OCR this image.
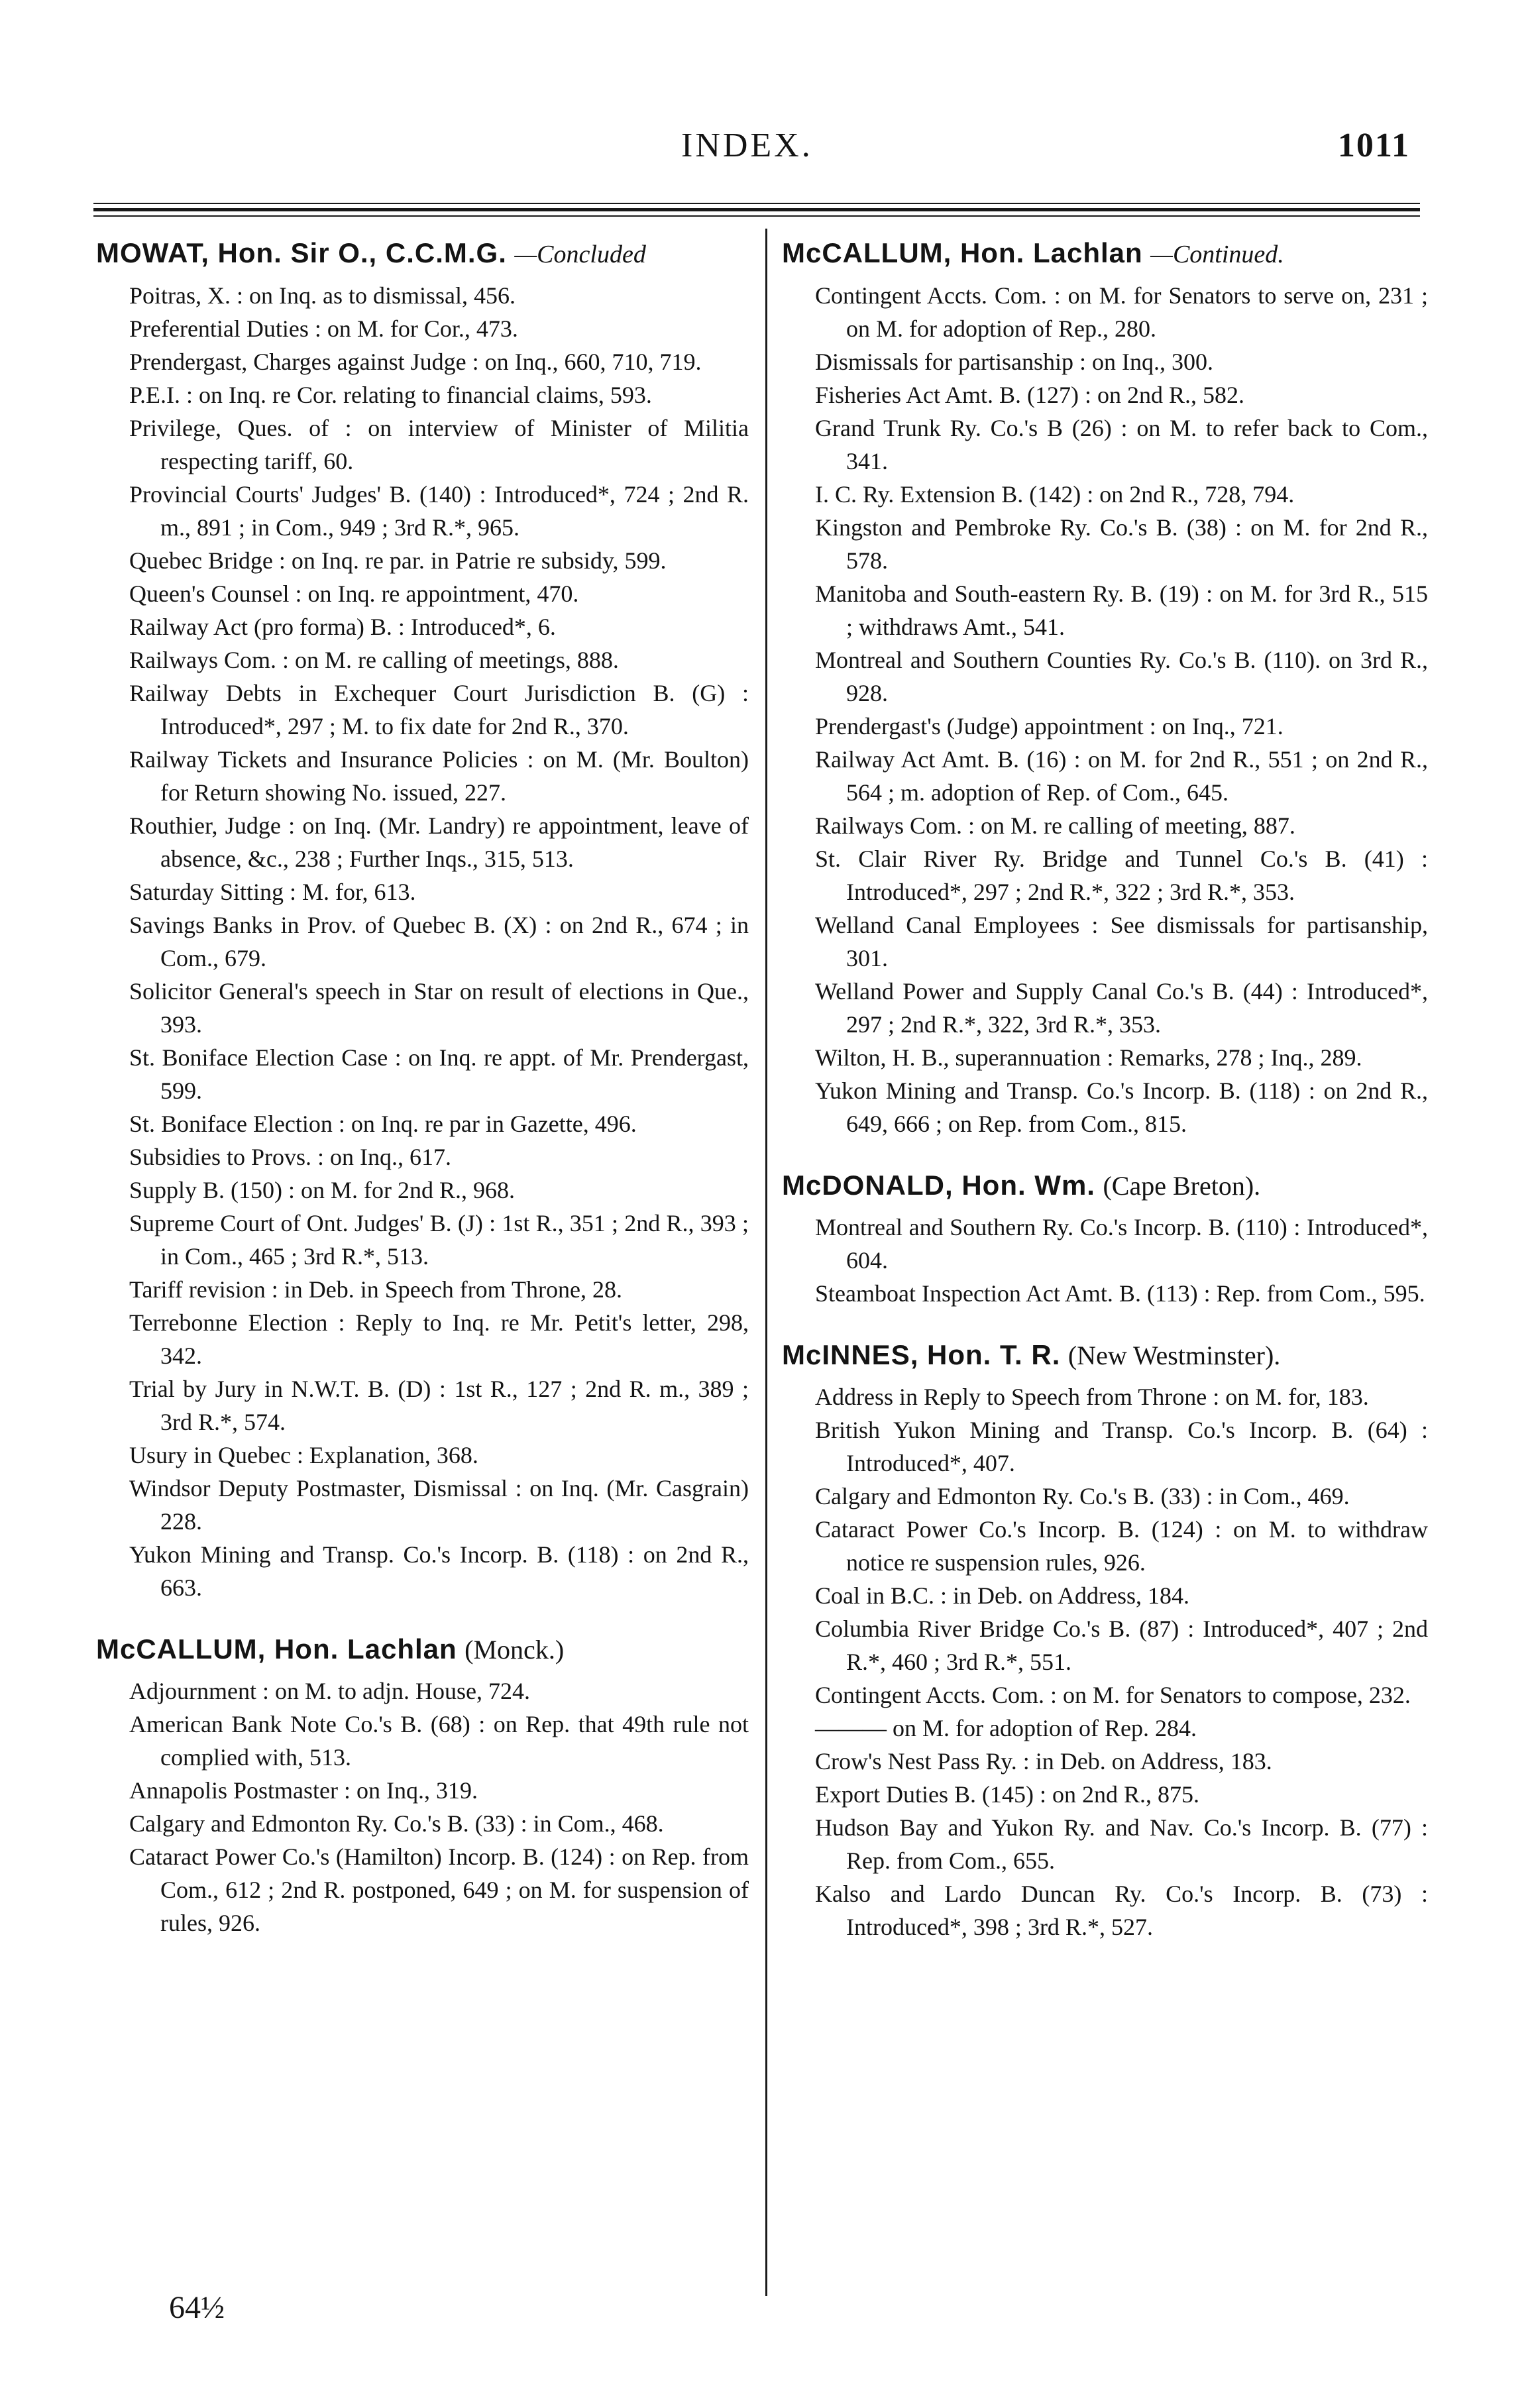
INDEX.	1011
MOWAT, Hon. Sir O., C.C.M.G. —Concluded

Poitras, X. : on Inq. as to dismissal, 456.

Preferential Duties : on M. for Cor., 473.

Prendergast, Charges against Judge : on Inq., 660, 710, 719.

P.E.I. : on Inq. re Cor. relating to financial claims, 593.

Privilege, Ques. of : on interview of Minister of Militia respecting tariff, 60.

Provincial Courts' Judges' B. (140) : Introduced*, 724 ; 2nd R. m., 891 ; in Com., 949 ; 3rd R.*, 965.

Quebec Bridge : on Inq. re par. in Patrie re subsidy, 599.

Queen's Counsel : on Inq. re appointment, 470.

Railway Act (pro forma) B. : Introduced*, 6.

Railways Com. : on M. re calling of meetings, 888.

Railway Debts in Exchequer Court Jurisdiction B. (G) : Introduced*, 297 ; M. to fix date for 2nd R., 370.

Railway Tickets and Insurance Policies : on M. (Mr. Boulton) for Return showing No. issued, 227.

Routhier, Judge : on Inq. (Mr. Landry) re appointment, leave of absence, &c., 238 ; Further Inqs., 315, 513.

Saturday Sitting : M. for, 613.

Savings Banks in Prov. of Quebec B. (X) : on 2nd R., 674 ; in Com., 679.

Solicitor General's speech in Star on result of elections in Que., 393.

St. Boniface Election Case : on Inq. re appt. of Mr. Prendergast, 599.

St. Boniface Election : on Inq. re par in Gazette, 496.

Subsidies to Provs. : on Inq., 617.

Supply B. (150) : on M. for 2nd R., 968.

Supreme Court of Ont. Judges' B. (J) : 1st R., 351 ; 2nd R., 393 ; in Com., 465 ; 3rd R.*, 513.

Tariff revision : in Deb. in Speech from Throne, 28.

Terrebonne Election : Reply to Inq. re Mr. Petit's letter, 298, 342.

Trial by Jury in N.W.T. B. (D) : 1st R., 127 ; 2nd R. m., 389 ; 3rd R.*, 574.

Usury in Quebec : Explanation, 368.

Windsor Deputy Postmaster, Dismissal : on Inq. (Mr. Casgrain) 228.

Yukon Mining and Transp. Co.'s Incorp. B. (118) : on 2nd R., 663.

McCALLUM, Hon. Lachlan (Monck.)

Adjournment : on M. to adjn. House, 724.

American Bank Note Co.'s B. (68) : on Rep. that 49th rule not complied with, 513.

Annapolis Postmaster : on Inq., 319.

Calgary and Edmonton Ry. Co.'s B. (33) : in Com., 468.

Cataract Power Co.'s (Hamilton) Incorp. B. (124) : on Rep. from Com., 612 ; 2nd R. postponed, 649 ; on M. for suspension of rules, 926.

McCALLUM, Hon. Lachlan —Continued.

Contingent Accts. Com. : on M. for Senators to serve on, 231 ; on M. for adoption of Rep., 280.

Dismissals for partisanship : on Inq., 300.

Fisheries Act Amt. B. (127) : on 2nd R., 582.

Grand Trunk Ry. Co.'s B (26) : on M. to refer back to Com., 341.

I. C. Ry. Extension B. (142) : on 2nd R., 728, 794.

Kingston and Pembroke Ry. Co.'s B. (38) : on M. for 2nd R., 578.

Manitoba and South-eastern Ry. B. (19) : on M. for 3rd R., 515 ; withdraws Amt., 541.

Montreal and Southern Counties Ry. Co.'s B. (110). on 3rd R., 928.

Prendergast's (Judge) appointment : on Inq., 721.

Railway Act Amt. B. (16) : on M. for 2nd R., 551 ; on 2nd R., 564 ; m. adoption of Rep. of Com., 645.

Railways Com. : on M. re calling of meeting, 887.

St. Clair River Ry. Bridge and Tunnel Co.'s B. (41) : Introduced*, 297 ; 2nd R.*, 322 ; 3rd R.*, 353.

Welland Canal Employees : See dismissals for partisanship, 301.

Welland Power and Supply Canal Co.'s B. (44) : Introduced*, 297 ; 2nd R.*, 322, 3rd R.*, 353.

Wilton, H. B., superannuation : Remarks, 278 ; Inq., 289.

Yukon Mining and Transp. Co.'s Incorp. B. (118) : on 2nd R., 649, 666 ; on Rep. from Com., 815.

McDONALD, Hon. Wm. (Cape Breton).

Montreal and Southern Ry. Co.'s Incorp. B. (110) : Introduced*, 604.

Steamboat Inspection Act Amt. B. (113) : Rep. from Com., 595.

McINNES, Hon. T. R. (New Westminster).

Address in Reply to Speech from Throne : on M. for, 183.

British Yukon Mining and Transp. Co.'s Incorp. B. (64) : Introduced*, 407.

Calgary and Edmonton Ry. Co.'s B. (33) : in Com., 469.

Cataract Power Co.'s Incorp. B. (124) : on M. to withdraw notice re suspension rules, 926.

Coal in B.C. : in Deb. on Address, 184.

Columbia River Bridge Co.'s B. (87) : Introduced*, 407 ; 2nd R.*, 460 ; 3rd R.*, 551.

Contingent Accts. Com. : on M. for Senators to compose, 232.

——— on M. for adoption of Rep. 284.

Crow's Nest Pass Ry. : in Deb. on Address, 183.

Export Duties B. (145) : on 2nd R., 875.

Hudson Bay and Yukon Ry. and Nav. Co.'s Incorp. B. (77) : Rep. from Com., 655.

Kalso and Lardo Duncan Ry. Co.'s Incorp. B. (73) : Introduced*, 398 ; 3rd R.*, 527.

64½
